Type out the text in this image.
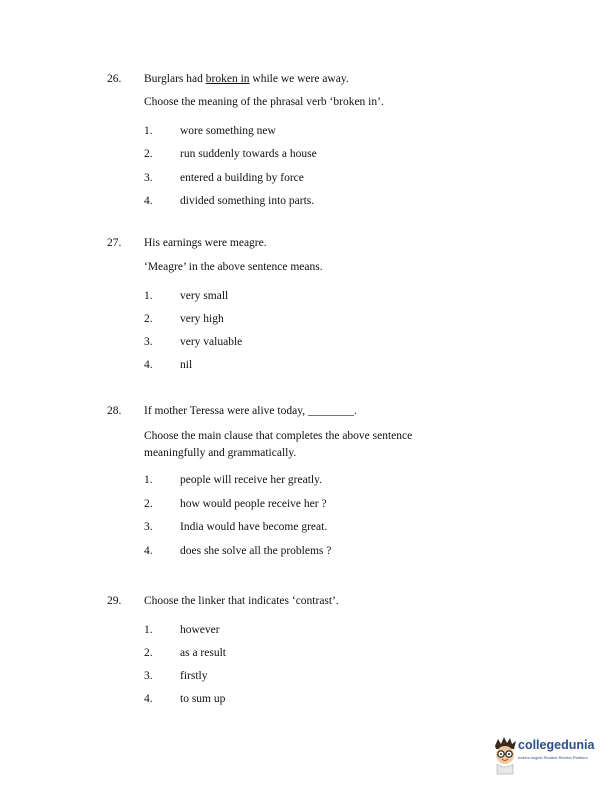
26. Burglars had broken in while we were away.
Choose the meaning of the phrasal verb ‘broken in’.
1. wore something new
2. run suddenly towards a house
3. entered a building by force
4. divided something into parts.
27. His earnings were meagre.
‘Meagre’ in the above sentence means.
1. very small
2. very high
3. very valuable
4. nil
28. If mother Teressa were alive today, ________.
Choose the main clause that completes the above sentence meaningfully and grammatically.
1. people will receive her greatly.
2. how would people receive her ?
3. India would have become great.
4. does she solve all the problems ?
29. Choose the linker that indicates ‘contrast’.
1. however
2. as a result
3. firstly
4. to sum up
collegedunia
India's largest Student Review Platform
